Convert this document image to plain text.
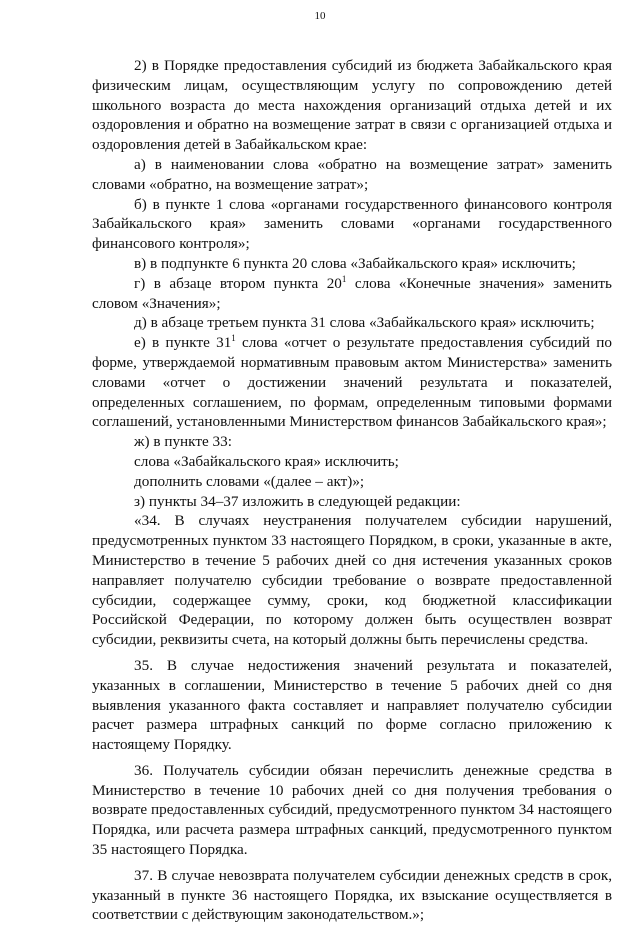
10

2) в Порядке предоставления субсидий из бюджета Забайкальского края физическим лицам, осуществляющим услугу по сопровождению детей школьного возраста до места нахождения организаций отдыха детей и их оздоровления и обратно на возмещение затрат в связи с организацией отдыха и оздоровления детей в Забайкальском крае:

а) в наименовании слова «обратно на возмещение затрат» заменить словами «обратно, на возмещение затрат»;

б) в пункте 1 слова «органами государственного финансового контроля Забайкальского края» заменить словами «органами государственного финансового контроля»;

в) в подпункте 6 пункта 20 слова «Забайкальского края» исключить;

г) в абзаце втором пункта $20^1$ слова «Конечные значения» заменить словом «Значения»;

д) в абзаце третьем пункта 31 слова «Забайкальского края» исключить;

е) в пункте $31^1$ слова «отчет о результате предоставления субсидий по форме, утверждаемой нормативным правовым актом Министерства» заменить словами «отчет о достижении значений результата и показателей, определенных соглашением, по формам, определенным типовыми формами соглашений, установленными Министерством финансов Забайкальского края»;

ж) в пункте 33:

слова «Забайкальского края» исключить;

дополнить словами «(далее – акт)»;

з) пункты 34–37 изложить в следующей редакции:

«34. В случаях неустранения получателем субсидии нарушений, предусмотренных пунктом 33 настоящего Порядком, в сроки, указанные в акте, Министерство в течение 5 рабочих дней со дня истечения указанных сроков направляет получателю субсидии требование о возврате предоставленной субсидии, содержащее сумму, сроки, код бюджетной классификации Российской Федерации, по которому должен быть осуществлен возврат субсидии, реквизиты счета, на который должны быть перечислены средства.

35. В случае недостижения значений результата и показателей, указанных в соглашении, Министерство в течение 5 рабочих дней со дня выявления указанного факта составляет и направляет получателю субсидии расчет размера штрафных санкций по форме согласно приложению к настоящему Порядку.

36. Получатель субсидии обязан перечислить денежные средства в Министерство в течение 10 рабочих дней со дня получения требования о возврате предоставленных субсидий, предусмотренного пунктом 34 настоящего Порядка, или расчета размера штрафных санкций, предусмотренного пунктом 35 настоящего Порядка.

37. В случае невозврата получателем субсидии денежных средств в срок, указанный в пункте 36 настоящего Порядка, их взыскание осуществляется в соответствии с действующим законодательством.»;
